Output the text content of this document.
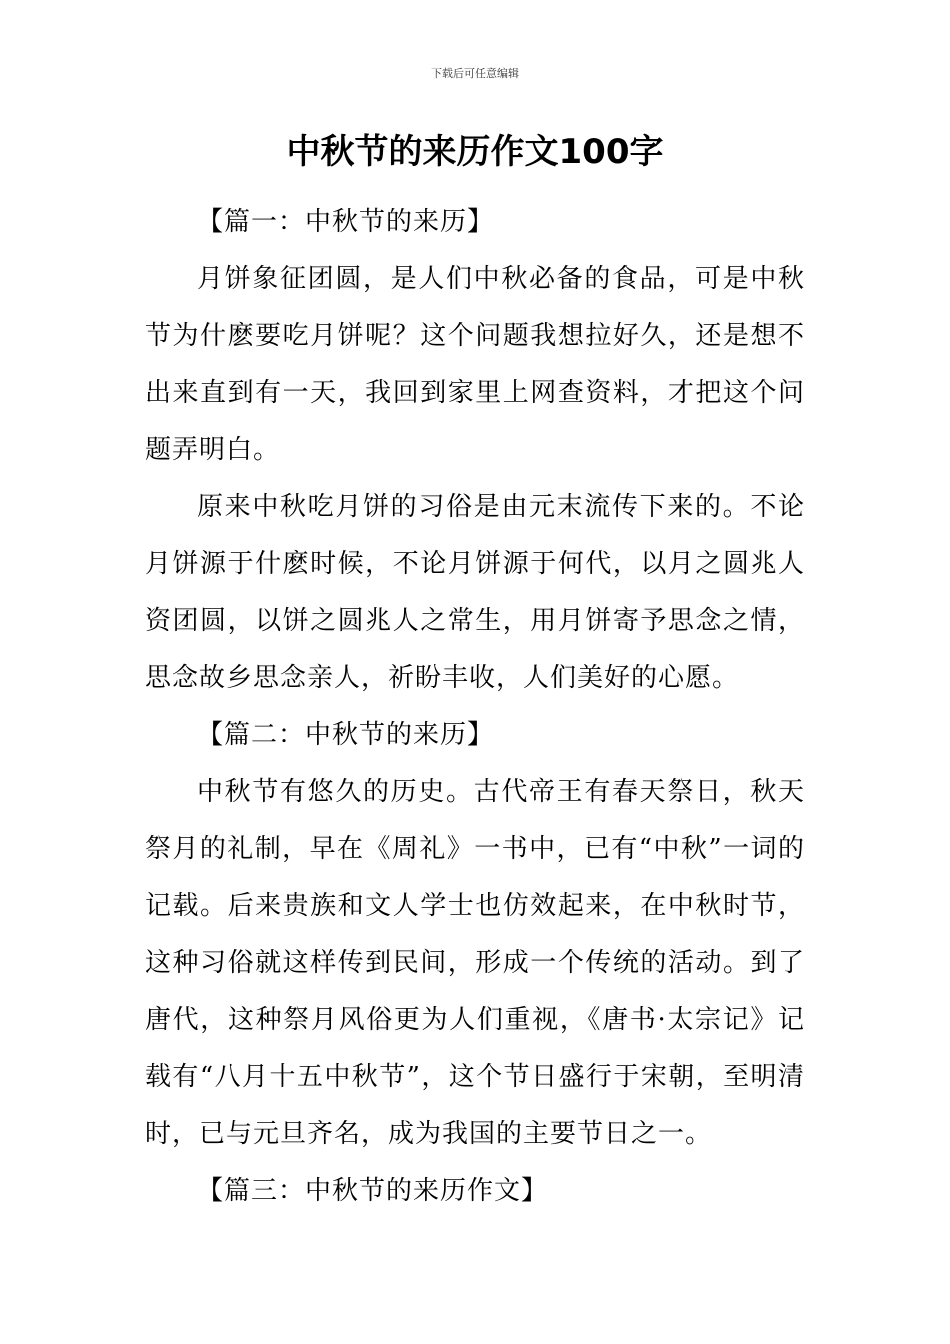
下载后可任意编辑
中秋节的来历作文100字

【篇一：中秋节的来历】

月饼象征团圆，是人们中秋必备的食品，可是中秋节为什麽要吃月饼呢？这个问题我想拉好久，还是想不出来直到有一天，我回到家里上网查资料，才把这个问题弄明白。

原来中秋吃月饼的习俗是由元末流传下来的。不论月饼源于什麽时候，不论月饼源于何代，以月之圆兆人资团圆，以饼之圆兆人之常生，用月饼寄予思念之情，思念故乡思念亲人，祈盼丰收，人们美好的心愿。

【篇二：中秋节的来历】

中秋节有悠久的历史。古代帝王有春天祭日，秋天祭月的礼制，早在《周礼》一书中，已有“中秋”一词的记载。后来贵族和文人学士也仿效起来，在中秋时节，这种习俗就这样传到民间，形成一个传统的活动。到了唐代，这种祭月风俗更为人们重视，《唐书·太宗记》记载有“八月十五中秋节”，这个节日盛行于宋朝，至明清时，已与元旦齐名，成为我国的主要节日之一。

【篇三：中秋节的来历作文】
